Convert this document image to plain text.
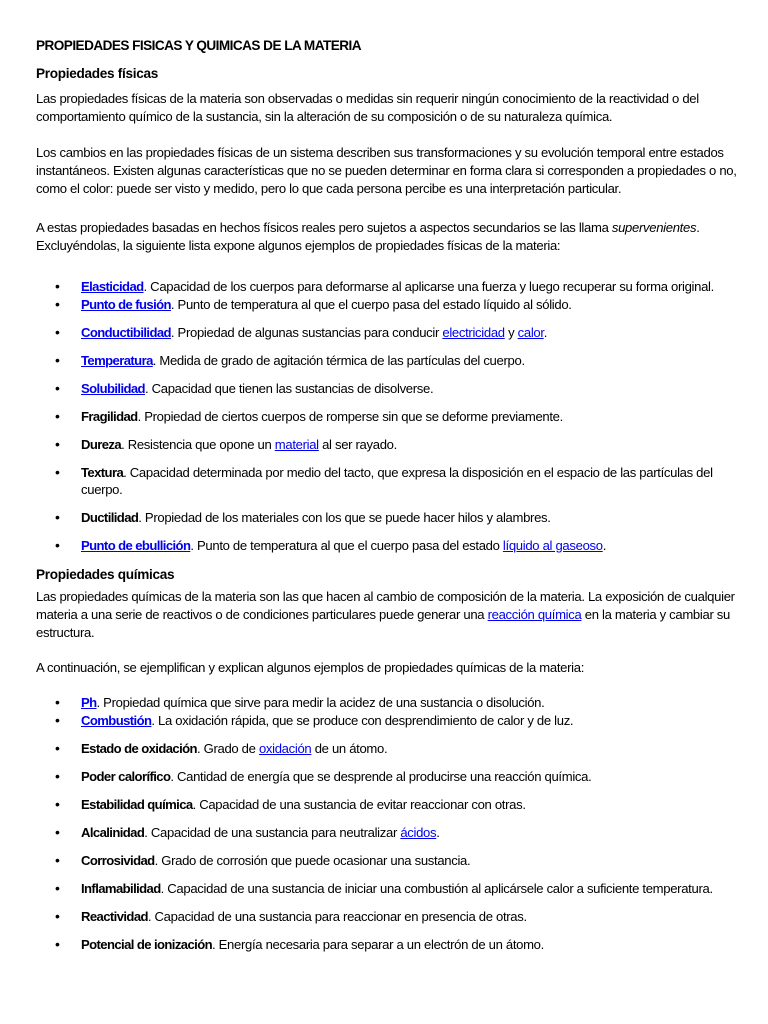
PROPIEDADES FISICAS Y QUIMICAS DE LA MATERIA
Propiedades físicas

Las propiedades físicas de la materia son observadas o medidas sin requerir ningún conocimiento de la reactividad o del comportamiento químico de la sustancia, sin la alteración de su composición o de su naturaleza química.

Los cambios en las propiedades físicas de un sistema describen sus transformaciones y su evolución temporal entre estados instantáneos. Existen algunas características que no se pueden determinar en forma clara si corresponden a propiedades o no, como el color: puede ser visto y medido, pero lo que cada persona percibe es una interpretación particular.

A estas propiedades basadas en hechos físicos reales pero sujetos a aspectos secundarios se las llama supervenientes. Excluyéndolas, la siguiente lista expone algunos ejemplos de propiedades físicas de la materia:

• Elasticidad. Capacidad de los cuerpos para deformarse al aplicarse una fuerza y luego recuperar su forma original.
• Punto de fusión. Punto de temperatura al que el cuerpo pasa del estado líquido al sólido.
• Conductibilidad. Propiedad de algunas sustancias para conducir electricidad y calor.
• Temperatura. Medida de grado de agitación térmica de las partículas del cuerpo.
• Solubilidad. Capacidad que tienen las sustancias de disolverse.
• Fragilidad. Propiedad de ciertos cuerpos de romperse sin que se deforme previamente.
• Dureza. Resistencia que opone un material al ser rayado.
• Textura. Capacidad determinada por medio del tacto, que expresa la disposición en el espacio de las partículas del cuerpo.
• Ductilidad. Propiedad de los materiales con los que se puede hacer hilos y alambres.
• Punto de ebullición. Punto de temperatura al que el cuerpo pasa del estado líquido al gaseoso.
Propiedades químicas

Las propiedades químicas de la materia son las que hacen al cambio de composición de la materia. La exposición de cualquier materia a una serie de reactivos o de condiciones particulares puede generar una reacción química en la materia y cambiar su estructura.

A continuación, se ejemplifican y explican algunos ejemplos de propiedades químicas de la materia:

• Ph. Propiedad química que sirve para medir la acidez de una sustancia o disolución.
• Combustión. La oxidación rápida, que se produce con desprendimiento de calor y de luz.
• Estado de oxidación. Grado de oxidación de un átomo.
• Poder calorífico. Cantidad de energía que se desprende al producirse una reacción química.
• Estabilidad química. Capacidad de una sustancia de evitar reaccionar con otras.
• Alcalinidad. Capacidad de una sustancia para neutralizar ácidos.
• Corrosividad. Grado de corrosión que puede ocasionar una sustancia.
• Inflamabilidad. Capacidad de una sustancia de iniciar una combustión al aplicársele calor a suficiente temperatura.
• Reactividad. Capacidad de una sustancia para reaccionar en presencia de otras.
• Potencial de ionización. Energía necesaria para separar a un electrón de un átomo.
